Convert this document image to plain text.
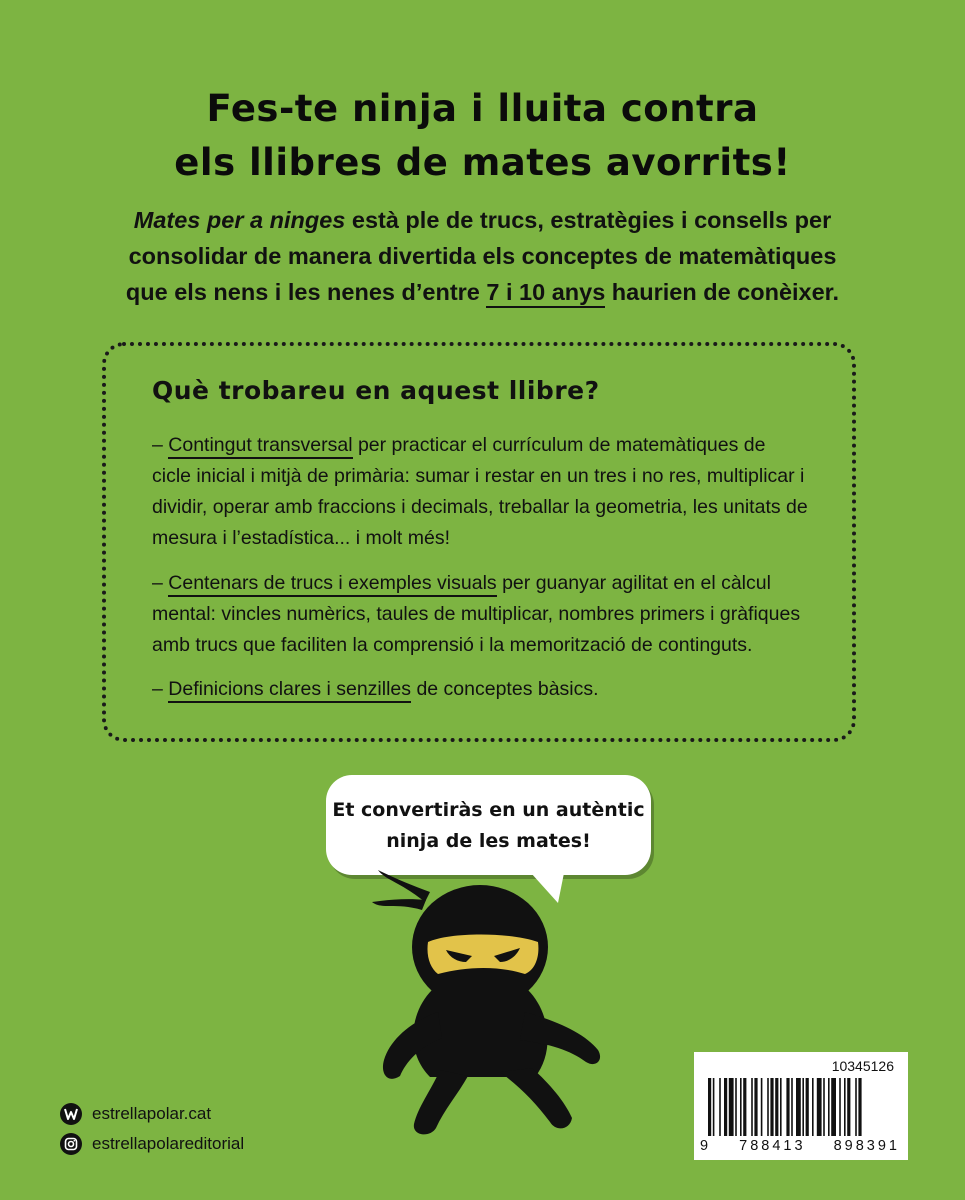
Fes-te ninja i lluita contra
els llibres de mates avorrits!
Mates per a ninges està ple de trucs, estratègies i consells per
consolidar de manera divertida els conceptes de matemàtiques
que els nens i les nenes d’entre 7 i 10 anys haurien de conèixer.
Què trobareu en aquest llibre?
– Contingut transversal per practicar el currículum de matemàtiques de
cicle inicial i mitjà de primària: sumar i restar en un tres i no res, multiplicar i
dividir, operar amb fraccions i decimals, treballar la geometria, les unitats de
mesura i l’estadística... i molt més!
– Centenars de trucs i exemples visuals per guanyar agilitat en el càlcul
mental: vincles numèrics, taules de multiplicar, nombres primers i gràfiques
amb trucs que faciliten la comprensió i la memorització de continguts.
– Definicions clares i senzilles de conceptes bàsics.
Et convertiràs en un autèntic
ninja de les mates!
estrellapolar.cat
estrellapolareditorial
10345126
9 788413 898391
